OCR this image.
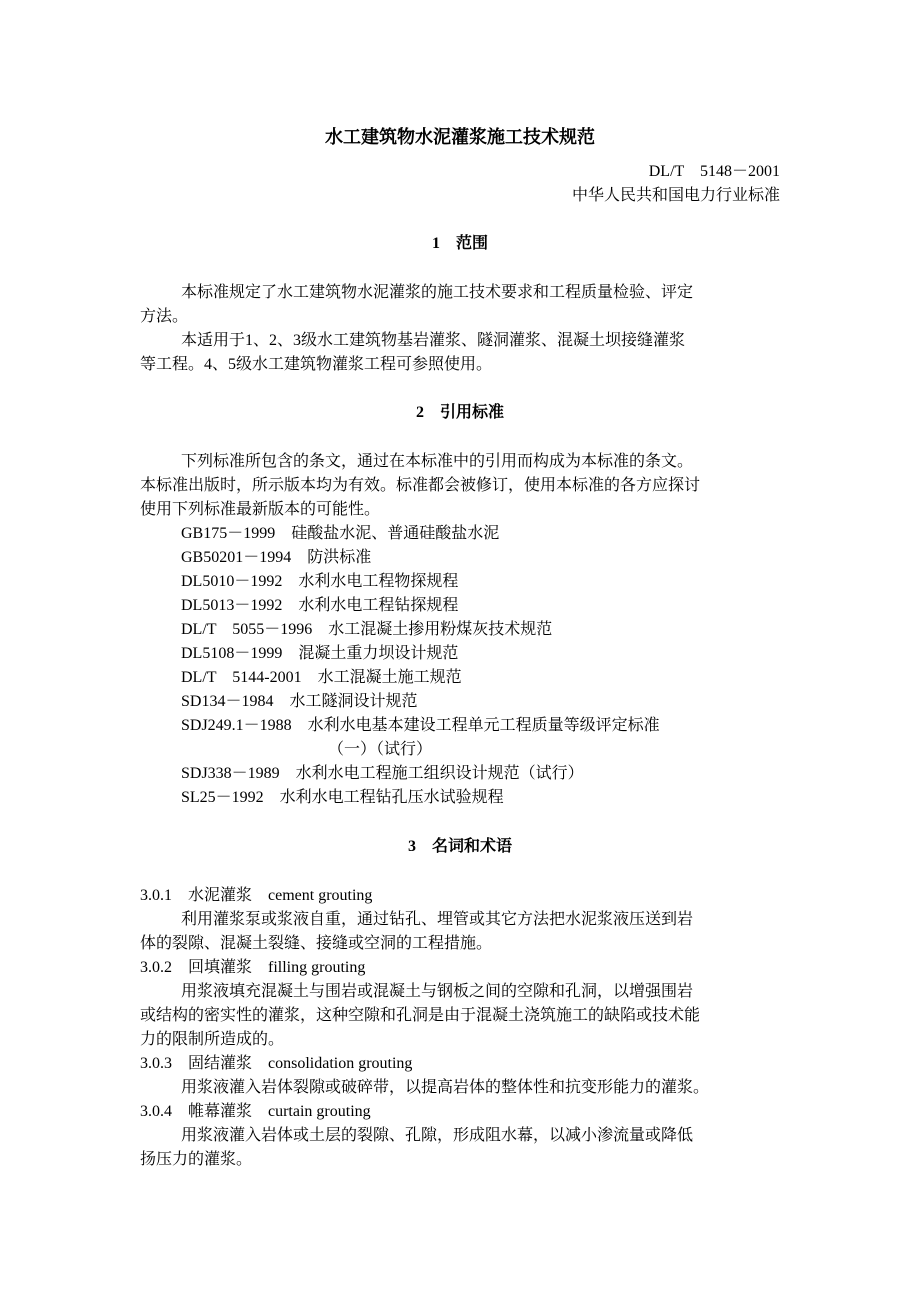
水工建筑物水泥灌浆施工技术规范
DL/T　5148－2001
中华人民共和国电力行业标准
1　范围
本标准规定了水工建筑物水泥灌浆的施工技术要求和工程质量检验、评定
方法。
本适用于1、2、3级水工建筑物基岩灌浆、隧洞灌浆、混凝土坝接缝灌浆
等工程。4、5级水工建筑物灌浆工程可参照使用。
2　引用标准
下列标准所包含的条文，通过在本标准中的引用而构成为本标准的条文。
本标准出版时，所示版本均为有效。标准都会被修订，使用本标准的各方应探讨
使用下列标准最新版本的可能性。
GB175－1999　硅酸盐水泥、普通硅酸盐水泥
GB50201－1994　防洪标准
DL5010－1992　水利水电工程物探规程
DL5013－1992　水利水电工程钻探规程
DL/T　5055－1996　水工混凝土掺用粉煤灰技术规范
DL5108－1999　混凝土重力坝设计规范
DL/T　5144-2001　水工混凝土施工规范
SD134－1984　水工隧洞设计规范
SDJ249.1－1988　水利水电基本建设工程单元工程质量等级评定标准
（一）（试行）
SDJ338－1989　水利水电工程施工组织设计规范（试行）
SL25－1992　水利水电工程钻孔压水试验规程
3　名词和术语
3.0.1　水泥灌浆　cement grouting
利用灌浆泵或浆液自重，通过钻孔、埋管或其它方法把水泥浆液压送到岩
体的裂隙、混凝土裂缝、接缝或空洞的工程措施。
3.0.2　回填灌浆　filling grouting
用浆液填充混凝土与围岩或混凝土与钢板之间的空隙和孔洞，以增强围岩
或结构的密实性的灌浆，这种空隙和孔洞是由于混凝土浇筑施工的缺陷或技术能
力的限制所造成的。
3.0.3　固结灌浆　consolidation grouting
用浆液灌入岩体裂隙或破碎带，以提高岩体的整体性和抗变形能力的灌浆。
3.0.4　帷幕灌浆　curtain grouting
用浆液灌入岩体或土层的裂隙、孔隙，形成阻水幕，以减小渗流量或降低
扬压力的灌浆。
